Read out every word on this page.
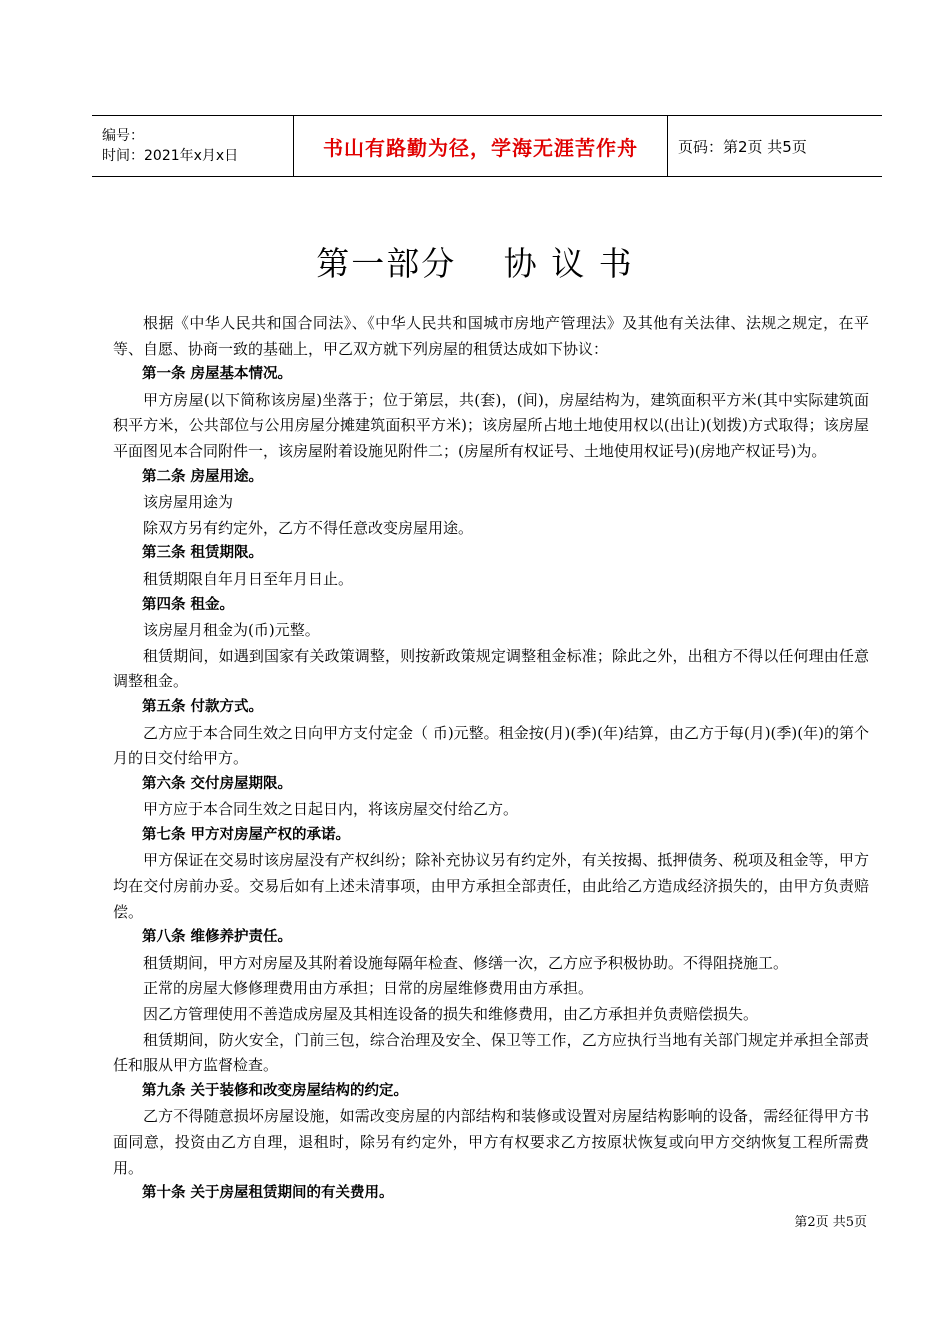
编号：
时间：2021年x月x日	书山有路勤为径，学海无涯苦作舟	页码：第2页 共5页
第一部分　 协 议 书

根据《中华人民共和国合同法》、《中华人民共和国城市房地产管理法》及其他有关法律、法规之规定，在平等、自愿、协商一致的基础上，甲乙双方就下列房屋的租赁达成如下协议：

第一条 房屋基本情况。

甲方房屋(以下简称该房屋)坐落于；位于第层，共(套)，(间)，房屋结构为，建筑面积平方米(其中实际建筑面积平方米，公共部位与公用房屋分摊建筑面积平方米)；该房屋所占地土地使用权以(出让)(划拨)方式取得；该房屋平面图见本合同附件一，该房屋附着设施见附件二；(房屋所有权证号、土地使用权证号)(房地产权证号)为。

第二条 房屋用途。

该房屋用途为

除双方另有约定外，乙方不得任意改变房屋用途。

第三条 租赁期限。

租赁期限自年月日至年月日止。

第四条 租金。

该房屋月租金为(币)元整。

租赁期间，如遇到国家有关政策调整，则按新政策规定调整租金标准；除此之外，出租方不得以任何理由任意调整租金。

第五条 付款方式。

乙方应于本合同生效之日向甲方支付定金（ 币)元整。租金按(月)(季)(年)结算，由乙方于每(月)(季)(年)的第个月的日交付给甲方。

第六条 交付房屋期限。

甲方应于本合同生效之日起日内，将该房屋交付给乙方。

第七条 甲方对房屋产权的承诺。

甲方保证在交易时该房屋没有产权纠纷；除补充协议另有约定外，有关按揭、抵押债务、税项及租金等，甲方均在交付房前办妥。交易后如有上述未清事项，由甲方承担全部责任，由此给乙方造成经济损失的，由甲方负责赔偿。

第八条 维修养护责任。

租赁期间，甲方对房屋及其附着设施每隔年检查、修缮一次，乙方应予积极协助。不得阻挠施工。

正常的房屋大修修理费用由方承担；日常的房屋维修费用由方承担。

因乙方管理使用不善造成房屋及其相连设备的损失和维修费用，由乙方承担并负责赔偿损失。

租赁期间，防火安全，门前三包，综合治理及安全、保卫等工作，乙方应执行当地有关部门规定并承担全部责任和服从甲方监督检查。

第九条 关于装修和改变房屋结构的约定。

乙方不得随意损坏房屋设施，如需改变房屋的内部结构和装修或设置对房屋结构影响的设备，需经征得甲方书面同意，投资由乙方自理，退租时，除另有约定外，甲方有权要求乙方按原状恢复或向甲方交纳恢复工程所需费用。

第十条 关于房屋租赁期间的有关费用。

第2页 共5页
